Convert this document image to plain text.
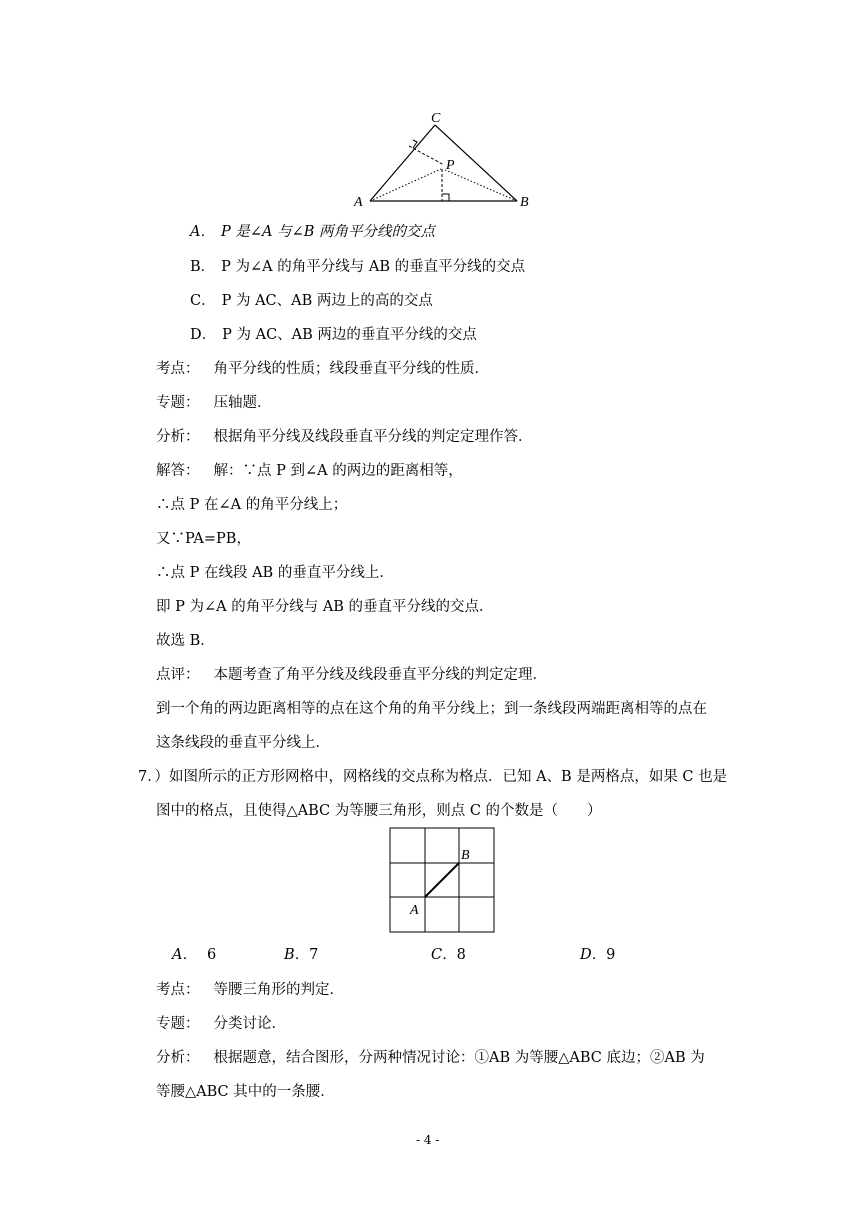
C
P
A	B
A． P 是∠A 与∠B 两角平分线的交点
B． P 为∠A 的角平分线与 AB 的垂直平分线的交点
C． P 为 AC、AB 两边上的高的交点
D． P 为 AC、AB 两边的垂直平分线的交点
考点： 角平分线的性质；线段垂直平分线的性质．
专题： 压轴题．
分析： 根据角平分线及线段垂直平分线的判定定理作答．
解答： 解：∵点 P 到∠A 的两边的距离相等，
∴点 P 在∠A 的角平分线上；
又∵PA=PB，
∴点 P 在线段 AB 的垂直平分线上．
即 P 为∠A 的角平分线与 AB 的垂直平分线的交点．
故选 B．
点评： 本题考查了角平分线及线段垂直平分线的判定定理．
到一个角的两边距离相等的点在这个角的角平分线上；到一条线段两端距离相等的点在
这条线段的垂直平分线上．
7．）如图所示的正方形网格中，网格线的交点称为格点．已知 A、B 是两格点，如果 C 也是
图中的格点，且使得△ABC 为等腰三角形，则点 C 的个数是（　　）
B
A
A． 6	B．7	C．8	D．9
考点： 等腰三角形的判定．
专题： 分类讨论．
分析： 根据题意，结合图形，分两种情况讨论：①AB 为等腰△ABC 底边；②AB 为
等腰△ABC 其中的一条腰．
- 4 -
